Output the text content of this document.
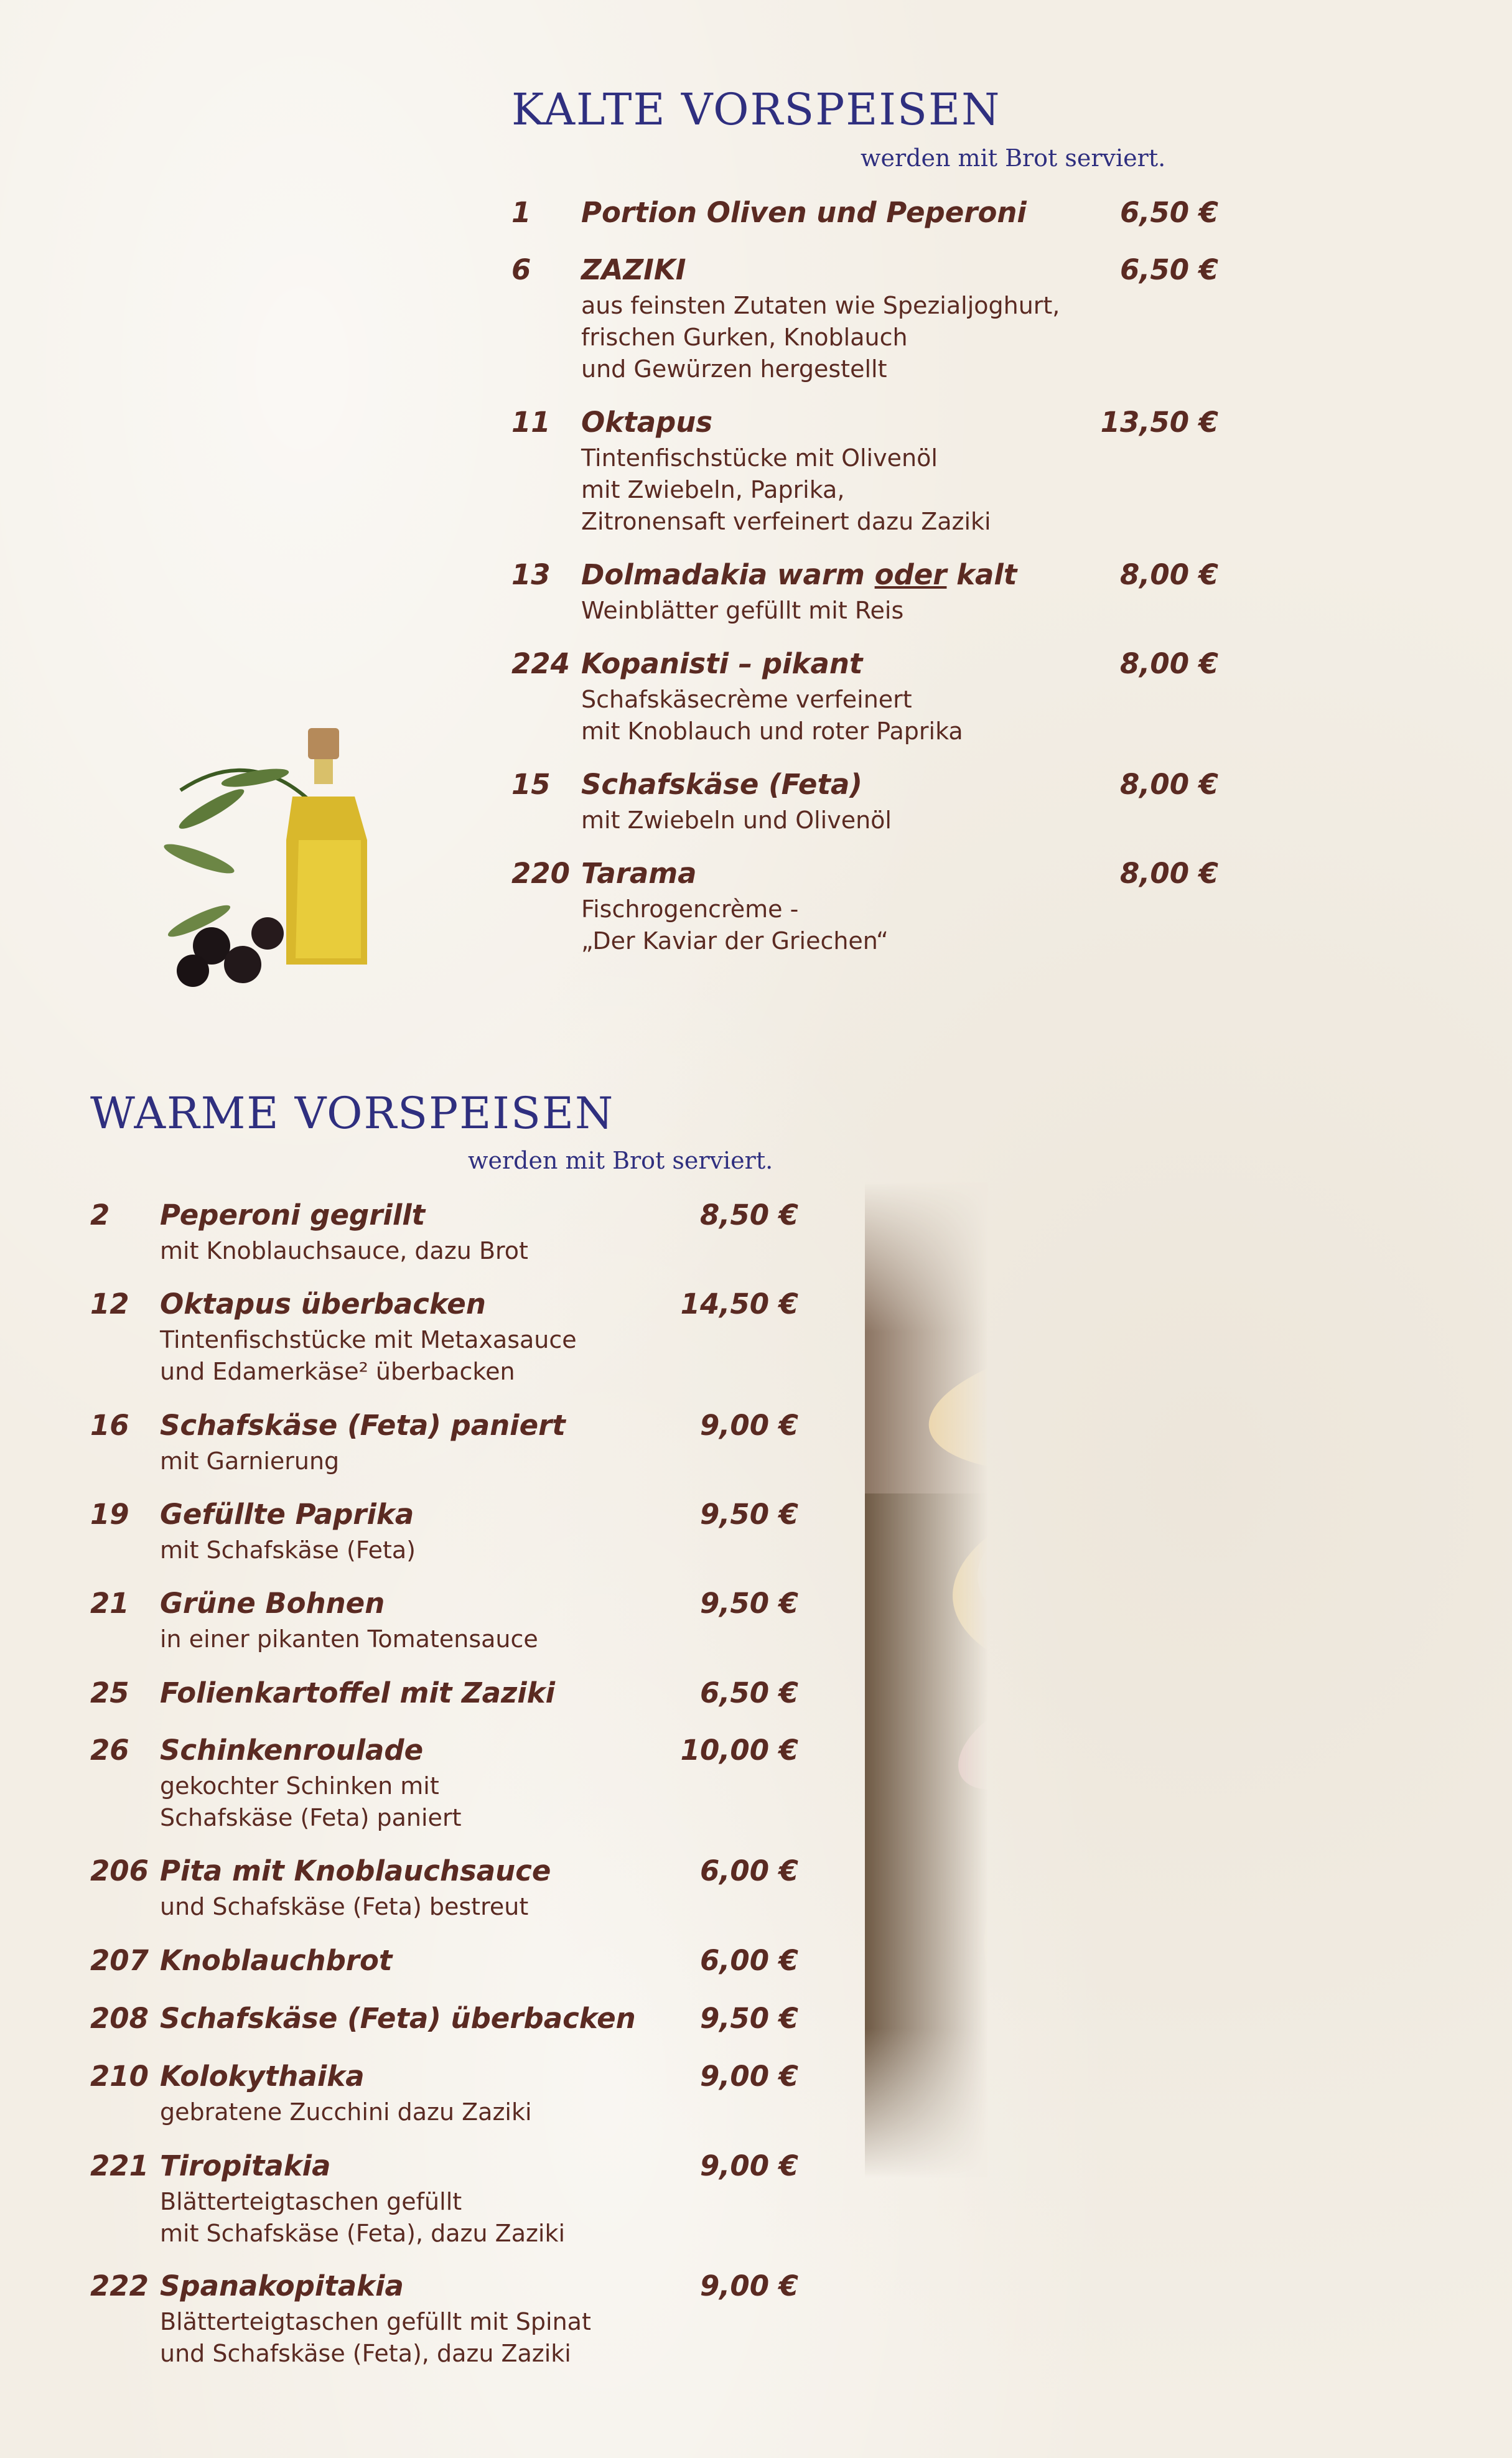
KALTE VORSPEISEN
werden mit Brot serviert.
1 Portion Oliven und Peperoni	6,50 €
6 ZAZIKI	6,50 €
aus feinsten Zutaten wie Spezialjoghurt,
frischen Gurken, Knoblauch
und Gewürzen hergestellt
11 Oktapus	13,50 €
Tintenfischstücke mit Olivenöl
mit Zwiebeln, Paprika,
Zitronensaft verfeinert dazu Zaziki
13 Dolmadakia warm oder kalt	8,00 €
Weinblätter gefüllt mit Reis
224 Kopanisti – pikant	8,00 €
Schafskäsecrème verfeinert
mit Knoblauch und roter Paprika
15 Schafskäse (Feta)	8,00 €
mit Zwiebeln und Olivenöl
220 Tarama	8,00 €
Fischrogencrème -
„Der Kaviar der Griechen“
WARME VORSPEISEN
werden mit Brot serviert.
2 Peperoni gegrillt	8,50 €
mit Knoblauchsauce, dazu Brot
12 Oktapus überbacken	14,50 €
Tintenfischstücke mit Metaxasauce
und Edamerkäse² überbacken
16 Schafskäse (Feta) paniert	9,00 €
mit Garnierung
19 Gefüllte Paprika	9,50 €
mit Schafskäse (Feta)
21 Grüne Bohnen	9,50 €
in einer pikanten Tomatensauce
25 Folienkartoffel mit Zaziki	6,50 €
26 Schinkenroulade	10,00 €
gekochter Schinken mit
Schafskäse (Feta) paniert
206 Pita mit Knoblauchsauce	6,00 €
und Schafskäse (Feta) bestreut
207 Knoblauchbrot	6,00 €
208 Schafskäse (Feta) überbacken 9,50 €
210 Kolokythaika	9,00 €
gebratene Zucchini dazu Zaziki
221 Tiropitakia	9,00 €
Blätterteigtaschen gefüllt
mit Schafskäse (Feta), dazu Zaziki
222 Spanakopitakia	9,00 €
Blätterteigtaschen gefüllt mit Spinat
und Schafskäse (Feta), dazu Zaziki
